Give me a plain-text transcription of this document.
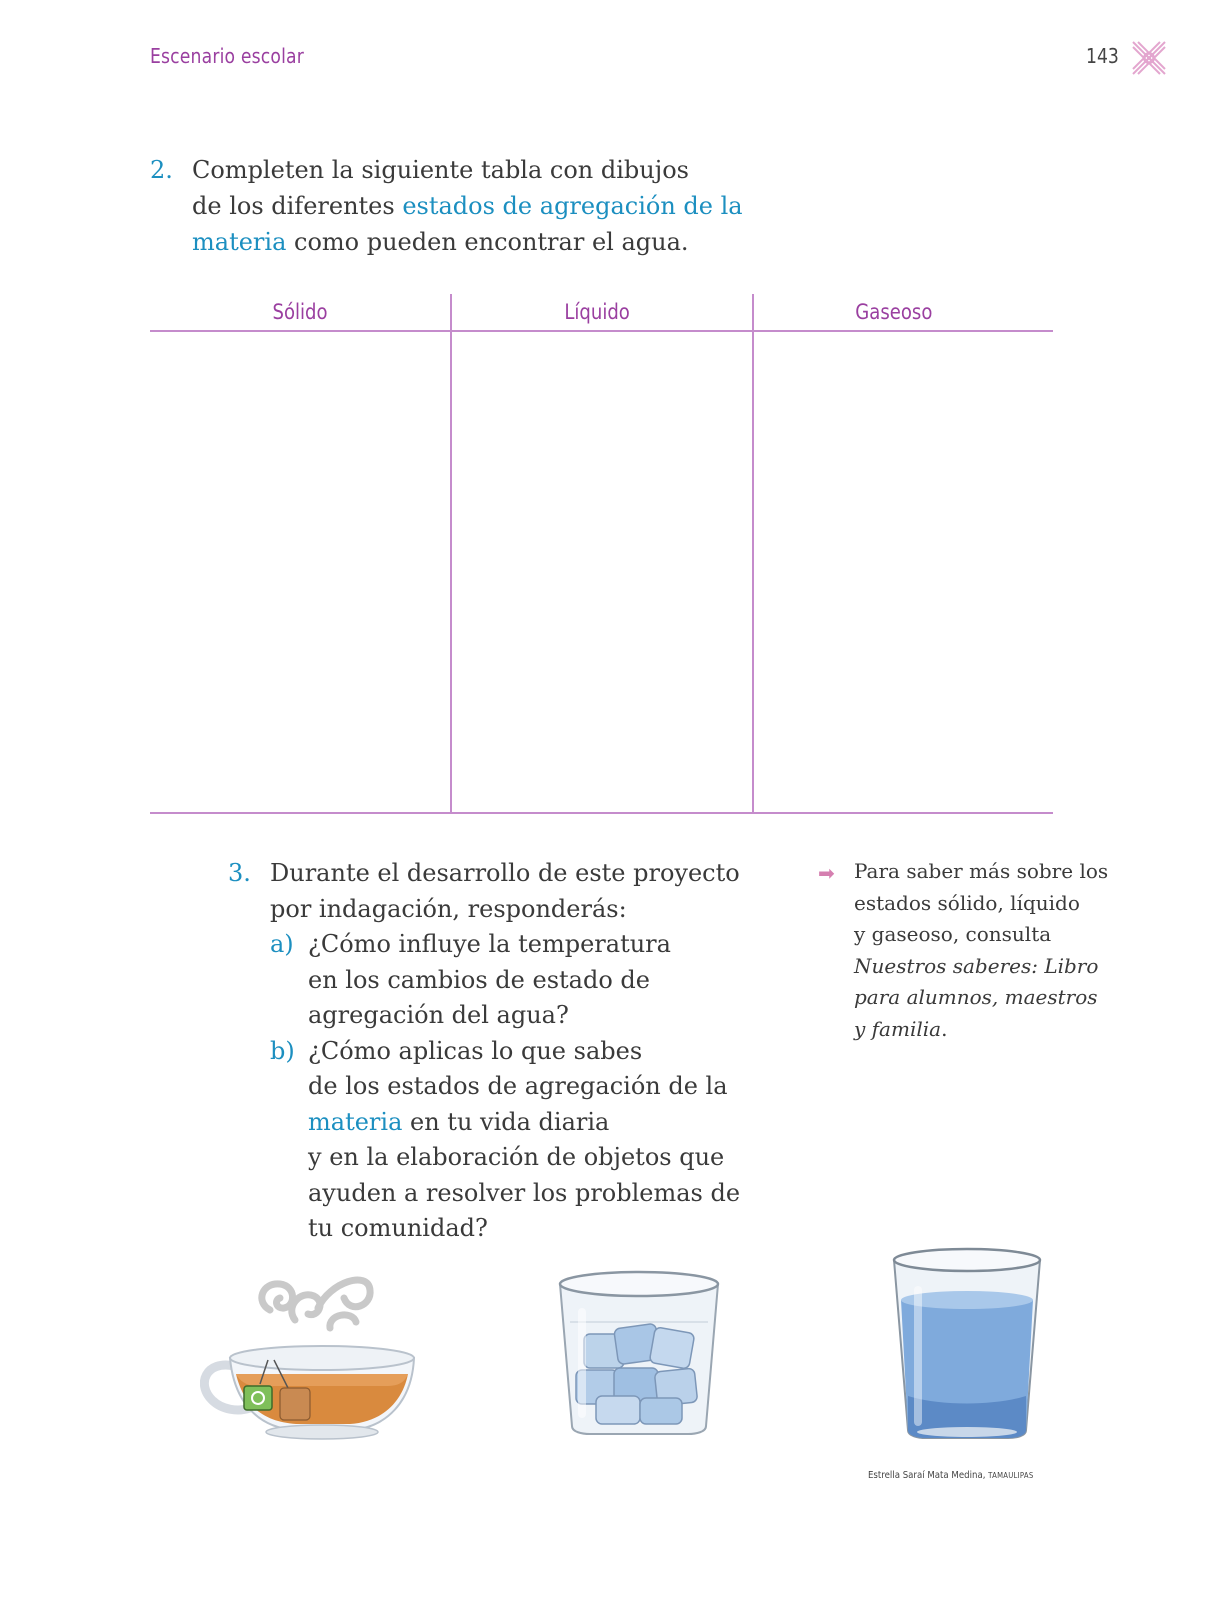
Escenario escolar	143
2. Completen la siguiente tabla con dibujos
de los diferentes estados de agregación de la
materia como pueden encontrar el agua.
Sólido	Líquido	Gaseoso
3. Durante el desarrollo de este proyecto
por indagación, responderás:
a) ¿Cómo influye la temperatura
en los cambios de estado de
agregación del agua?
b) ¿Cómo aplicas lo que sabes
de los estados de agregación de la
materia en tu vida diaria
y en la elaboración de objetos que
ayuden a resolver los problemas de
tu comunidad?
➡ Para saber más sobre los
estados sólido, líquido
y gaseoso, consulta
Nuestros saberes: Libro
para alumnos, maestros
y familia.
Estrella Saraí Mata Medina, TAMAULIPAS
